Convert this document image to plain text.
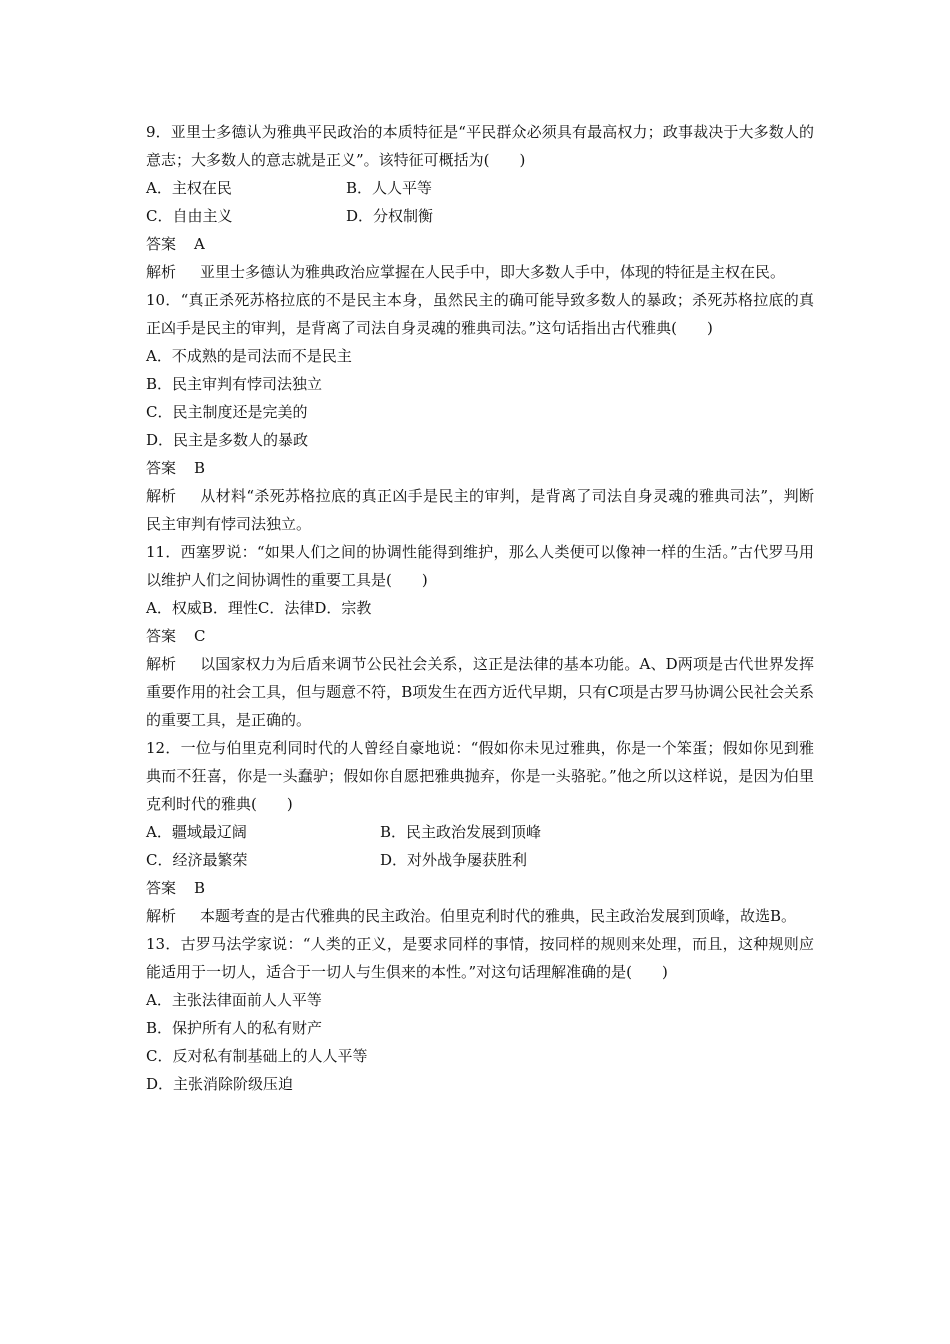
9．亚里士多德认为雅典平民政治的本质特征是“平民群众必须具有最高权力；政事裁决于大多数人的意志；大多数人的意志就是正义”。该特征可概括为(　　)

A．主权在民	B．人人平等
C．自由主义	D．分权制衡

答案 A

解析 亚里士多德认为雅典政治应掌握在人民手中，即大多数人手中，体现的特征是主权在民。

10．“真正杀死苏格拉底的不是民主本身，虽然民主的确可能导致多数人的暴政；杀死苏格拉底的真正凶手是民主的审判，是背离了司法自身灵魂的雅典司法。”这句话指出古代雅典(　　)

A．不成熟的是司法而不是民主

B．民主审判有悖司法独立

C．民主制度还是完美的

D．民主是多数人的暴政

答案 B

解析 从材料“杀死苏格拉底的真正凶手是民主的审判，是背离了司法自身灵魂的雅典司法”，判断民主审判有悖司法独立。

11．西塞罗说：“如果人们之间的协调性能得到维护，那么人类便可以像神一样的生活。”古代罗马用以维护人们之间协调性的重要工具是(　　)

A．权威B．理性C．法律D．宗教

答案 C

解析 以国家权力为后盾来调节公民社会关系，这正是法律的基本功能。A、D两项是古代世界发挥重要作用的社会工具，但与题意不符，B项发生在西方近代早期，只有C项是古罗马协调公民社会关系的重要工具，是正确的。

12．一位与伯里克利同时代的人曾经自豪地说：“假如你未见过雅典，你是一个笨蛋；假如你见到雅典而不狂喜，你是一头蠢驴；假如你自愿把雅典抛弃，你是一头骆驼。”他之所以这样说，是因为伯里克利时代的雅典(　　)

A．疆域最辽阔	B．民主政治发展到顶峰
C．经济最繁荣	D．对外战争屡获胜利

答案 B

解析 本题考查的是古代雅典的民主政治。伯里克利时代的雅典，民主政治发展到顶峰，故选B。

13．古罗马法学家说：“人类的正义，是要求同样的事情，按同样的规则来处理，而且，这种规则应能适用于一切人，适合于一切人与生俱来的本性。”对这句话理解准确的是(　　)

A．主张法律面前人人平等

B．保护所有人的私有财产

C．反对私有制基础上的人人平等

D．主张消除阶级压迫
